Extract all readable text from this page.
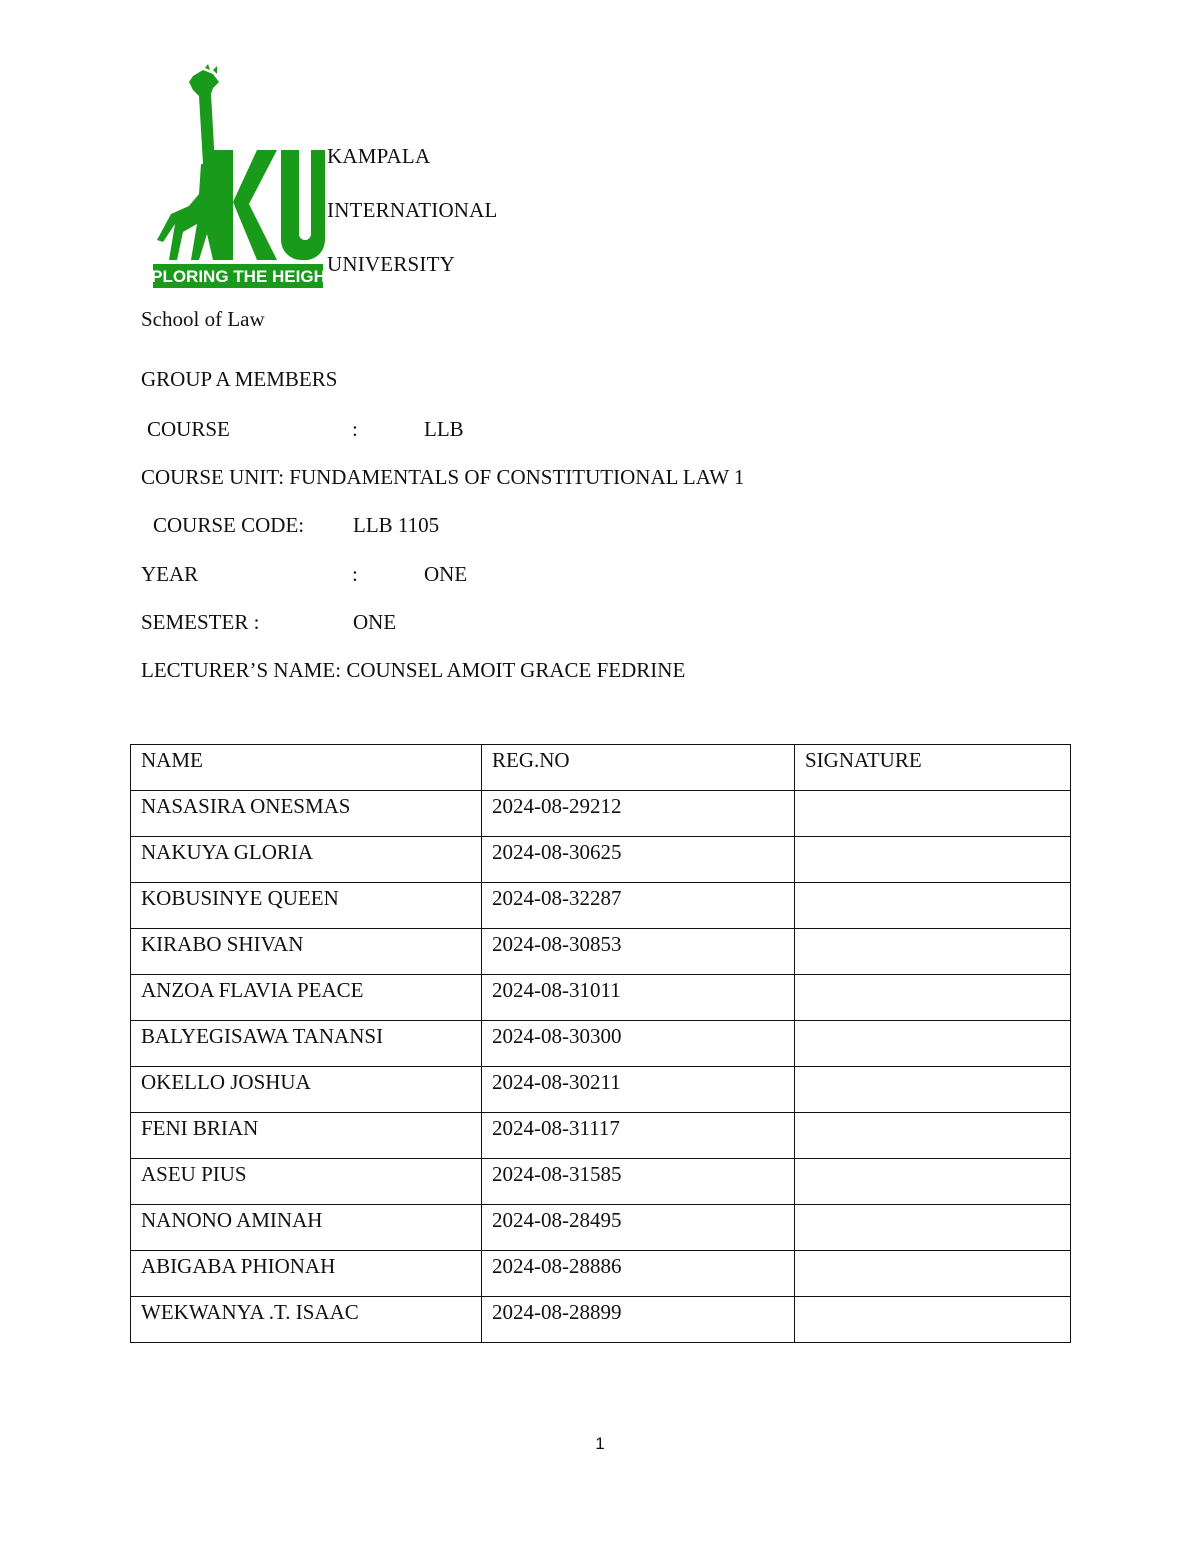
EXPLORING THE HEIGHTS
KAMPALA
INTERNATIONAL
UNIVERSITY
School of Law
GROUP A MEMBERS
COURSE	:	LLB
COURSE UNIT: FUNDAMENTALS OF CONSTITUTIONAL LAW 1
COURSE CODE: LLB 1105
YEAR	:	ONE
SEMESTER :	ONE
LECTURER’S NAME: COUNSEL AMOIT GRACE FEDRINE
NAME	REG.NO	SIGNATURE
NASASIRA ONESMAS	2024-08-29212	
NAKUYA GLORIA	2024-08-30625	
KOBUSINYE QUEEN	2024-08-32287	
KIRABO SHIVAN	2024-08-30853	
ANZOA FLAVIA PEACE	2024-08-31011	
BALYEGISAWA TANANSI	2024-08-30300	
OKELLO JOSHUA	2024-08-30211	
FENI BRIAN	2024-08-31117	
ASEU PIUS	2024-08-31585	
NANONO AMINAH	2024-08-28495	
ABIGABA PHIONAH	2024-08-28886	
WEKWANYA .T. ISAAC	2024-08-28899	
1
